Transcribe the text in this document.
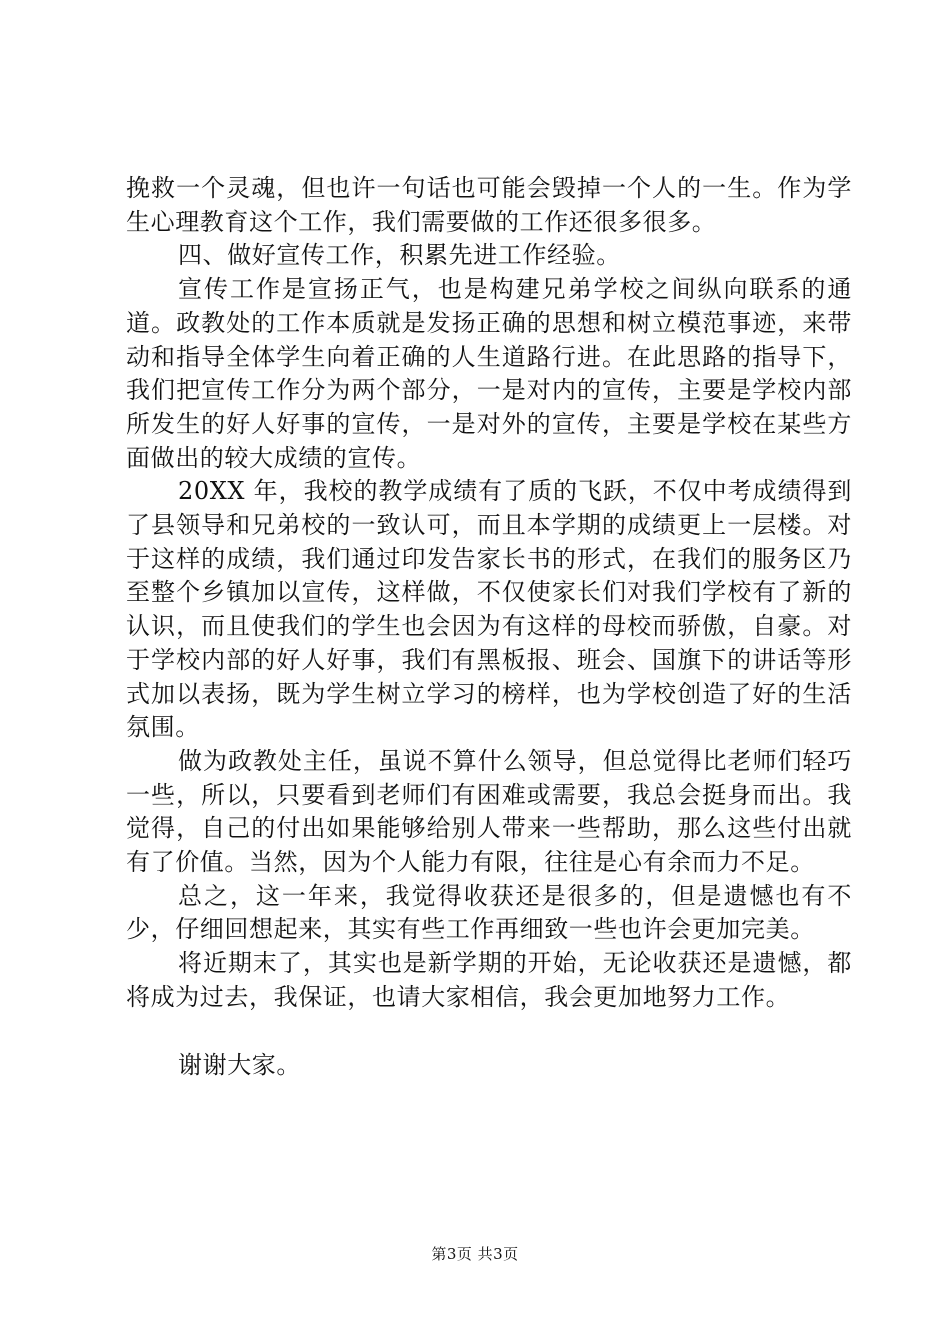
挽救一个灵魂，但也许一句话也可能会毁掉一个人的一生。作为学生心理教育这个工作，我们需要做的工作还很多很多。

四、做好宣传工作，积累先进工作经验。

宣传工作是宣扬正气，也是构建兄弟学校之间纵向联系的通道。政教处的工作本质就是发扬正确的思想和树立模范事迹，来带动和指导全体学生向着正确的人生道路行进。在此思路的指导下，我们把宣传工作分为两个部分，一是对内的宣传，主要是学校内部所发生的好人好事的宣传，一是对外的宣传，主要是学校在某些方面做出的较大成绩的宣传。

20XX 年，我校的教学成绩有了质的飞跃，不仅中考成绩得到了县领导和兄弟校的一致认可，而且本学期的成绩更上一层楼。对于这样的成绩，我们通过印发告家长书的形式，在我们的服务区乃至整个乡镇加以宣传，这样做，不仅使家长们对我们学校有了新的认识，而且使我们的学生也会因为有这样的母校而骄傲，自豪。对于学校内部的好人好事，我们有黑板报、班会、国旗下的讲话等形式加以表扬，既为学生树立学习的榜样，也为学校创造了好的生活氛围。

做为政教处主任，虽说不算什么领导，但总觉得比老师们轻巧一些，所以，只要看到老师们有困难或需要，我总会挺身而出。我觉得，自己的付出如果能够给别人带来一些帮助，那么这些付出就有了价值。当然，因为个人能力有限，往往是心有余而力不足。

总之，这一年来，我觉得收获还是很多的，但是遗憾也有不少，仔细回想起来，其实有些工作再细致一些也许会更加完美。

将近期末了，其实也是新学期的开始，无论收获还是遗憾，都将成为过去，我保证，也请大家相信，我会更加地努力工作。

谢谢大家。

第3页 共3页
